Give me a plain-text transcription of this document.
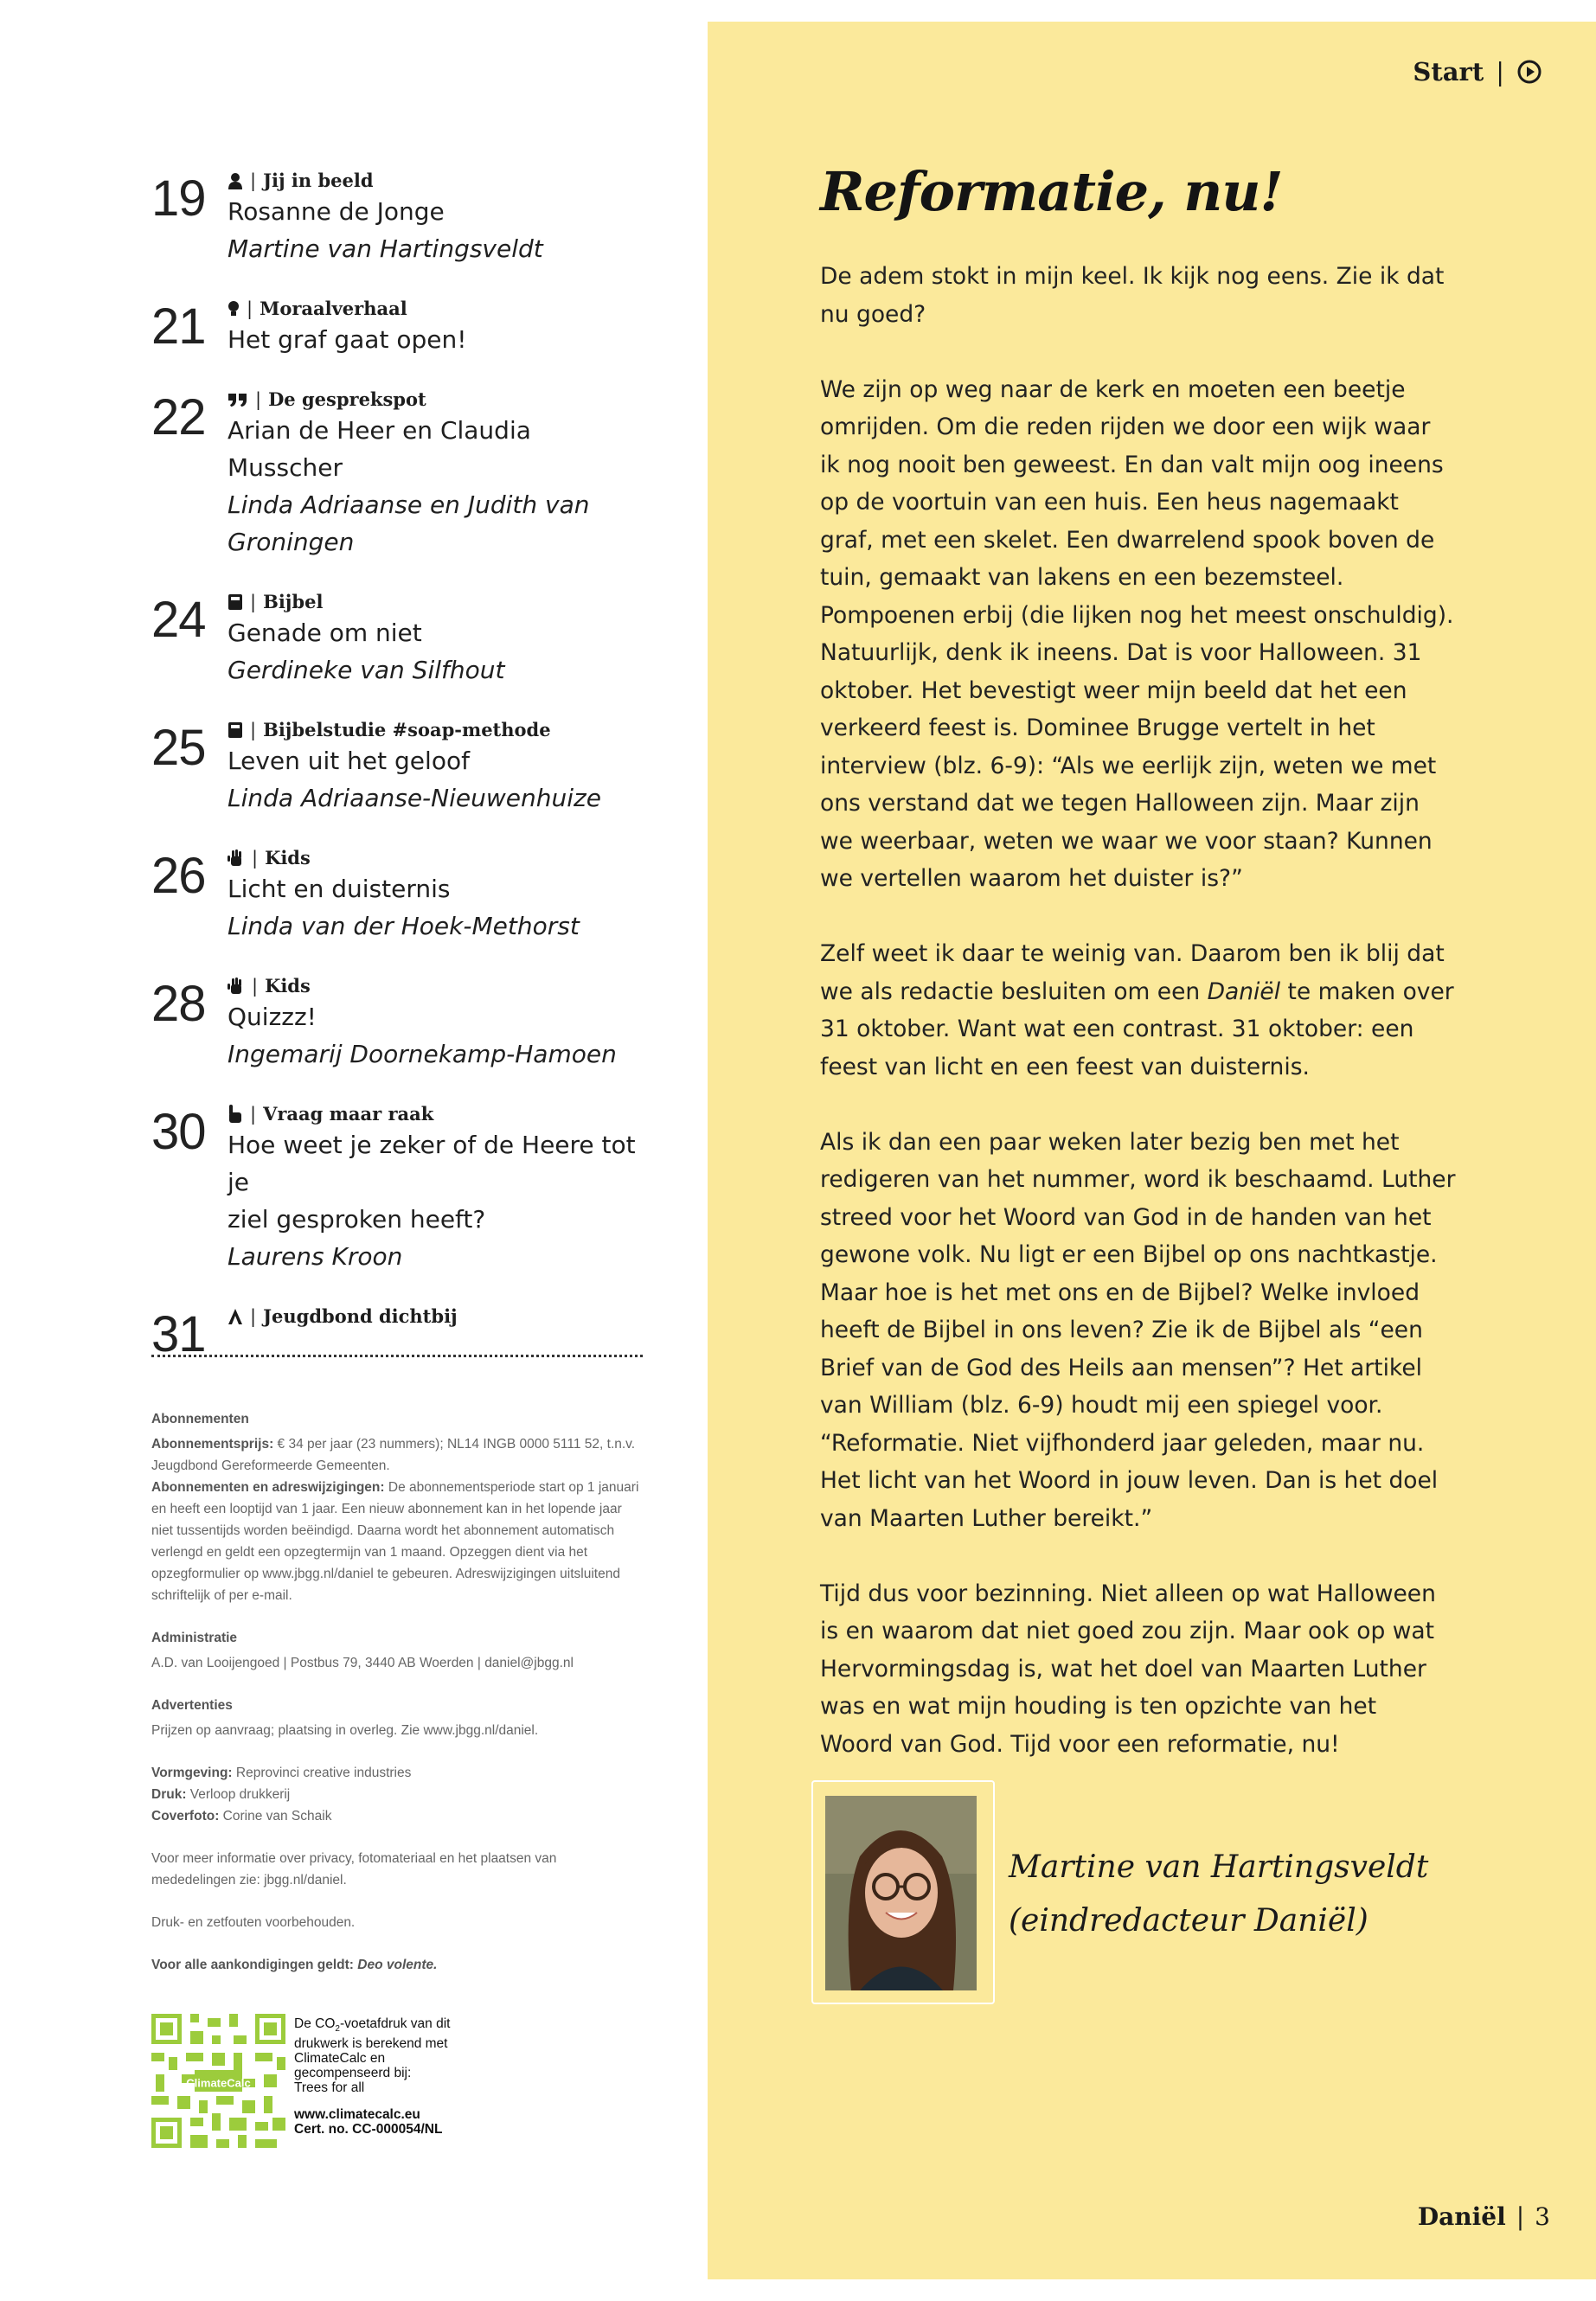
Start |
19 | Jij in beeld
Rosanne de Jonge
Martine van Hartingsveldt
21 | Moraalverhaal
Het graf gaat open!
22	| De gesprekspot
Arian de Heer en Claudia Musscher
Linda Adriaanse en Judith van
Groningen
24 | Bijbel
Genade om niet
Gerdineke van Silfhout
25 | Bijbelstudie #soap-methode
Leven uit het geloof
Linda Adriaanse-Nieuwenhuize
26	| Kids
Licht en duisternis
Linda van der Hoek-Methorst
28	| Kids
Quizzz!
Ingemarij Doornekamp-Hamoen
30 | Vraag maar raak
Hoe weet je zeker of de Heere tot je
ziel gesproken heeft?
Laurens Kroon
31 | Jeugdbond dichtbij
Abonnementen

Abonnementsprijs: € 34 per jaar (23 nummers); NL14 INGB 0000 5111 52, t.n.v. Jeugdbond Gereformeerde Gemeenten.
Abonnementen en adreswijzigingen: De abonnementsperiode start op 1 januari en heeft een looptijd van 1 jaar. Een nieuw abonnement kan in het lopende jaar niet tussentijds worden beëindigd. Daarna wordt het abonnement automatisch verlengd en geldt een opzegtermijn van 1 maand. Opzeggen dient via het opzegformulier op www.jbgg.nl/daniel te gebeuren. Adreswijzigingen uitsluitend schriftelijk of per e-mail.

Administratie

A.D. van Looijengoed | Postbus 79, 3440 AB Woerden | daniel@jbgg.nl

Advertenties

Prijzen op aanvraag; plaatsing in overleg. Zie www.jbgg.nl/daniel.

Vormgeving: Reprovinci creative industries
Druk: Verloop drukkerij
Coverfoto: Corine van Schaik

Voor meer informatie over privacy, fotomateriaal en het plaatsen van mededelingen zie: jbgg.nl/daniel.

Druk- en zetfouten voorbehouden.

Voor alle aankondigingen geldt: Deo volente.

ClimateCalc
De $CO_2$-voetafdruk van dit
drukwerk is berekend met
ClimateCalc en
gecompenseerd bij:
Trees for all
www.climatecalc.eu
Cert. no. CC-000054/NL
Reformatie, nu!

De adem stokt in mijn keel. Ik kijk nog eens. Zie ik dat nu goed?

We zijn op weg naar de kerk en moeten een beetje omrijden. Om die reden rijden we door een wijk waar ik nog nooit ben geweest. En dan valt mijn oog ineens op de voortuin van een huis. Een heus nagemaakt graf, met een skelet. Een dwarrelend spook boven de tuin, gemaakt van lakens en een bezemsteel. Pompoenen erbij (die lijken nog het meest onschuldig). Natuurlijk, denk ik ineens. Dat is voor Halloween. 31 oktober. Het bevestigt weer mijn beeld dat het een verkeerd feest is. Dominee Brugge vertelt in het interview (blz. 6-9): “Als we eerlijk zijn, weten we met ons verstand dat we tegen Halloween zijn. Maar zijn we weerbaar, weten we waar we voor staan? Kunnen we vertellen waarom het duister is?”

Zelf weet ik daar te weinig van. Daarom ben ik blij dat we als redactie besluiten om een Daniël te maken over 31 oktober. Want wat een contrast. 31 oktober: een feest van licht en een feest van duisternis.

Als ik dan een paar weken later bezig ben met het redigeren van het nummer, word ik beschaamd. Luther streed voor het Woord van God in de handen van het gewone volk. Nu ligt er een Bijbel op ons nachtkastje. Maar hoe is het met ons en de Bijbel? Welke invloed heeft de Bijbel in ons leven? Zie ik de Bijbel als “een Brief van de God des Heils aan mensen”? Het artikel van William (blz. 6-9) houdt mij een spiegel voor. “Reformatie. Niet vijfhonderd jaar geleden, maar nu. Het licht van het Woord in jouw leven. Dan is het doel van Maarten Luther bereikt.”

Tijd dus voor bezinning. Niet alleen op wat Halloween is en waarom dat niet goed zou zijn. Maar ook op wat Hervormingsdag is, wat het doel van Maarten Luther was en wat mijn houding is ten opzichte van het Woord van God. Tijd voor een reformatie, nu!

Martine van Hartingsveldt
(eindredacteur Daniël)
Daniël | 3
